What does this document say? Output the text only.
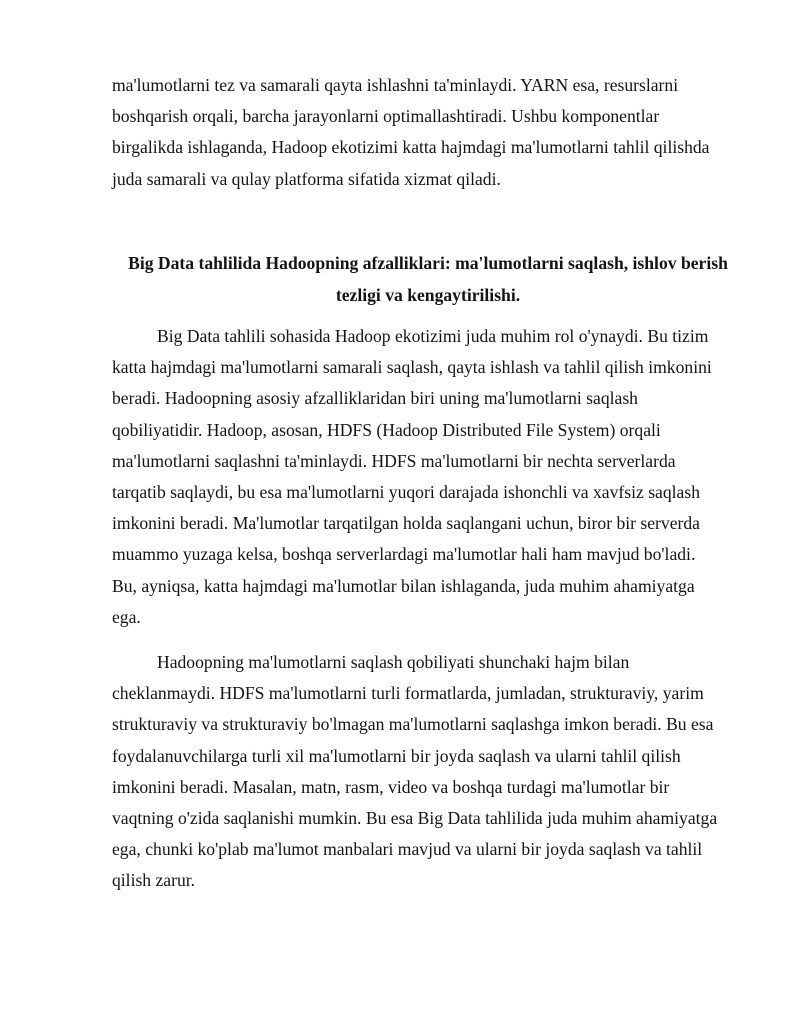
ma'lumotlarni tez va samarali qayta ishlashni ta'minlaydi. YARN esa, resurslarni
boshqarish orqali, barcha jarayonlarni optimallashtiradi. Ushbu komponentlar
birgalikda ishlaganda, Hadoop ekotizimi katta hajmdagi ma'lumotlarni tahlil qilishda
juda samarali va qulay platforma sifatida xizmat qiladi.

Big Data tahlilida Hadoopning afzalliklari: ma'lumotlarni saqlash, ishlov berish
tezligi va kengaytirilishi.

Big Data tahlili sohasida Hadoop ekotizimi juda muhim rol o'ynaydi. Bu tizim
katta hajmdagi ma'lumotlarni samarali saqlash, qayta ishlash va tahlil qilish imkonini
beradi. Hadoopning asosiy afzalliklaridan biri uning ma'lumotlarni saqlash
qobiliyatidir. Hadoop, asosan, HDFS (Hadoop Distributed File System) orqali
ma'lumotlarni saqlashni ta'minlaydi. HDFS ma'lumotlarni bir nechta serverlarda
tarqatib saqlaydi, bu esa ma'lumotlarni yuqori darajada ishonchli va xavfsiz saqlash
imkonini beradi. Ma'lumotlar tarqatilgan holda saqlangani uchun, biror bir serverda
muammo yuzaga kelsa, boshqa serverlardagi ma'lumotlar hali ham mavjud bo'ladi.
Bu, ayniqsa, katta hajmdagi ma'lumotlar bilan ishlaganda, juda muhim ahamiyatga
ega.

Hadoopning ma'lumotlarni saqlash qobiliyati shunchaki hajm bilan
cheklanmaydi. HDFS ma'lumotlarni turli formatlarda, jumladan, strukturaviy, yarim
strukturaviy va strukturaviy bo'lmagan ma'lumotlarni saqlashga imkon beradi. Bu esa
foydalanuvchilarga turli xil ma'lumotlarni bir joyda saqlash va ularni tahlil qilish
imkonini beradi. Masalan, matn, rasm, video va boshqa turdagi ma'lumotlar bir
vaqtning o'zida saqlanishi mumkin. Bu esa Big Data tahlilida juda muhim ahamiyatga
ega, chunki ko'plab ma'lumot manbalari mavjud va ularni bir joyda saqlash va tahlil
qilish zarur.
